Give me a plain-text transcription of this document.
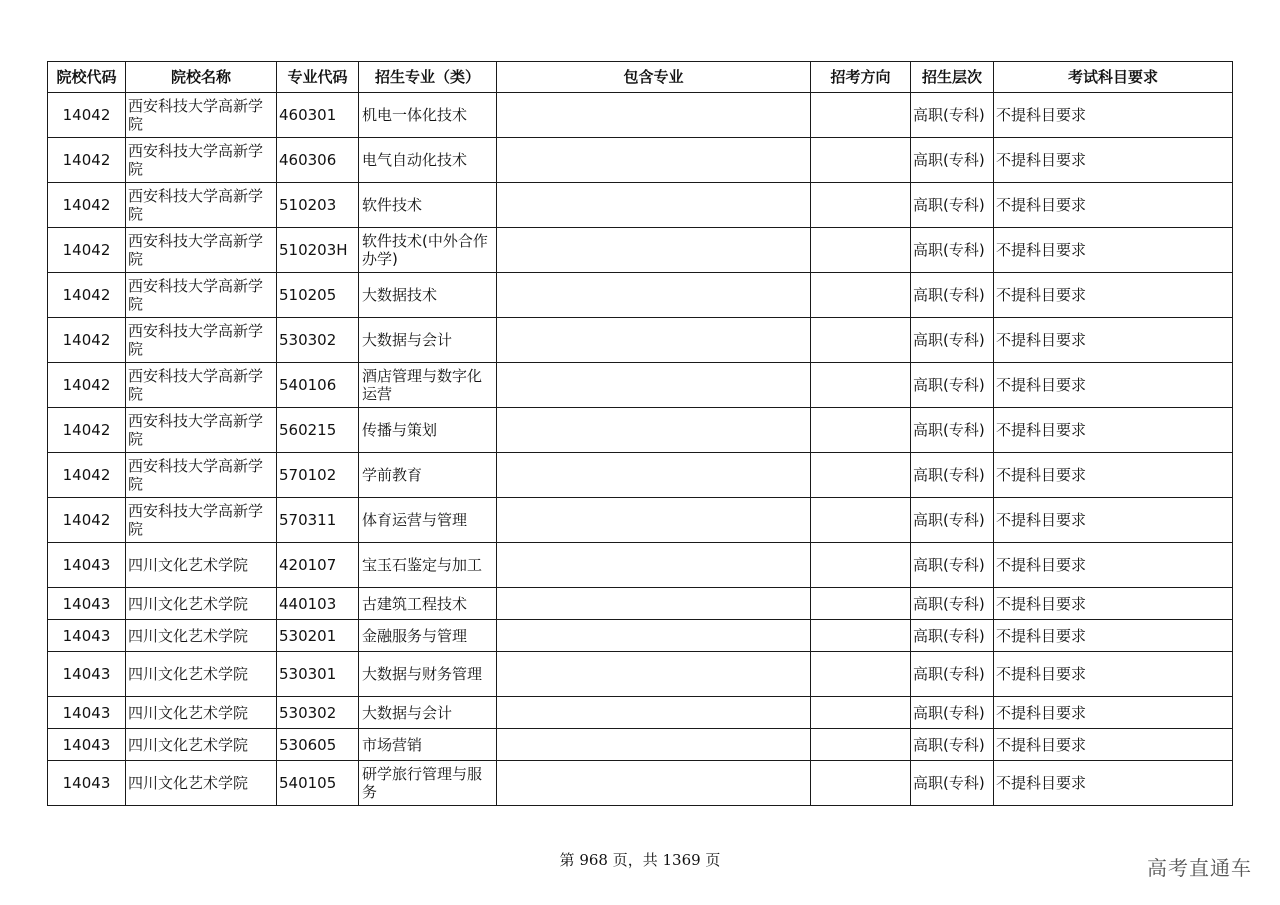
院校代码	院校名称	专业代码	招生专业（类）	包含专业	招考方向	招生层次	考试科目要求
14042	西安科技大学高新学院	460301	机电一体化技术			高职(专科)	不提科目要求
14042	西安科技大学高新学院	460306	电气自动化技术			高职(专科)	不提科目要求
14042	西安科技大学高新学院	510203	软件技术			高职(专科)	不提科目要求
14042	西安科技大学高新学院	510203H	软件技术(中外合作办学)			高职(专科)	不提科目要求
14042	西安科技大学高新学院	510205	大数据技术			高职(专科)	不提科目要求
14042	西安科技大学高新学院	530302	大数据与会计			高职(专科)	不提科目要求
14042	西安科技大学高新学院	540106	酒店管理与数字化运营			高职(专科)	不提科目要求
14042	西安科技大学高新学院	560215	传播与策划			高职(专科)	不提科目要求
14042	西安科技大学高新学院	570102	学前教育			高职(专科)	不提科目要求
14042	西安科技大学高新学院	570311	体育运营与管理			高职(专科)	不提科目要求
14043	四川文化艺术学院	420107	宝玉石鉴定与加工			高职(专科)	不提科目要求
14043	四川文化艺术学院	440103	古建筑工程技术			高职(专科)	不提科目要求
14043	四川文化艺术学院	530201	金融服务与管理			高职(专科)	不提科目要求
14043	四川文化艺术学院	530301	大数据与财务管理			高职(专科)	不提科目要求
14043	四川文化艺术学院	530302	大数据与会计			高职(专科)	不提科目要求
14043	四川文化艺术学院	530605	市场营销			高职(专科)	不提科目要求
14043	四川文化艺术学院	540105	研学旅行管理与服务			高职(专科)	不提科目要求
第 968 页，共 1369 页	高考直通车
